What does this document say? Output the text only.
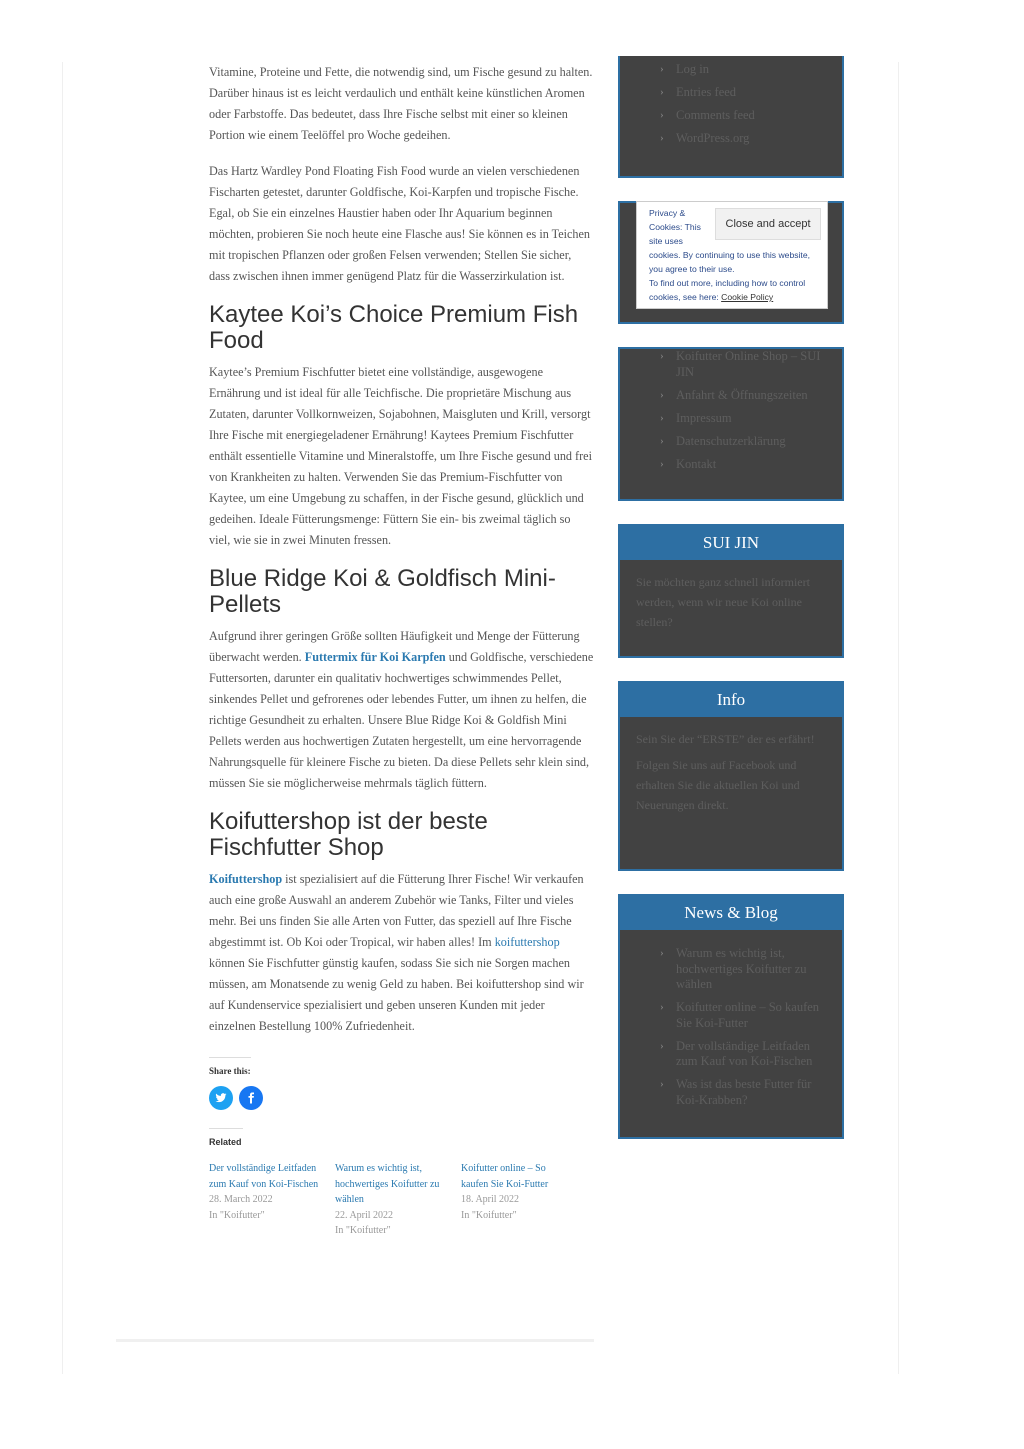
Vitamine, Proteine und Fette, die notwendig sind, um Fische gesund zu halten. Darüber hinaus ist es leicht verdaulich und enthält keine künstlichen Aromen oder Farbstoffe. Das bedeutet, dass Ihre Fische selbst mit einer so kleinen Portion wie einem Teelöffel pro Woche gedeihen.

Das Hartz Wardley Pond Floating Fish Food wurde an vielen verschiedenen Fischarten getestet, darunter Goldfische, Koi-Karpfen und tropische Fische. Egal, ob Sie ein einzelnes Haustier haben oder Ihr Aquarium beginnen möchten, probieren Sie noch heute eine Flasche aus! Sie können es in Teichen mit tropischen Pflanzen oder großen Felsen verwenden; Stellen Sie sicher, dass zwischen ihnen immer genügend Platz für die Wasserzirkulation ist.

Kaytee Koi’s Choice Premium Fish Food

Kaytee’s Premium Fischfutter bietet eine vollständige, ausgewogene Ernährung und ist ideal für alle Teichfische. Die proprietäre Mischung aus Zutaten, darunter Vollkornweizen, Sojabohnen, Maisgluten und Krill, versorgt Ihre Fische mit energiegeladener Ernährung! Kaytees Premium Fischfutter enthält essentielle Vitamine und Mineralstoffe, um Ihre Fische gesund und frei von Krankheiten zu halten. Verwenden Sie das Premium-Fischfutter von Kaytee, um eine Umgebung zu schaffen, in der Fische gesund, glücklich und gedeihen. Ideale Fütterungsmenge: Füttern Sie ein- bis zweimal täglich so viel, wie sie in zwei Minuten fressen.

Blue Ridge Koi & Goldfisch Mini-Pellets

Aufgrund ihrer geringen Größe sollten Häufigkeit und Menge der Fütterung überwacht werden. Futtermix für Koi Karpfen und Goldfische, verschiedene Futtersorten, darunter ein qualitativ hochwertiges schwimmendes Pellet, sinkendes Pellet und gefrorenes oder lebendes Futter, um ihnen zu helfen, die richtige Gesundheit zu erhalten. Unsere Blue Ridge Koi & Goldfish Mini Pellets werden aus hochwertigen Zutaten hergestellt, um eine hervorragende Nahrungsquelle für kleinere Fische zu bieten. Da diese Pellets sehr klein sind, müssen Sie sie möglicherweise mehrmals täglich füttern.

Koifuttershop ist der beste Fischfutter Shop

Koifuttershop ist spezialisiert auf die Fütterung Ihrer Fische! Wir verkaufen auch eine große Auswahl an anderem Zubehör wie Tanks, Filter und vieles mehr. Bei uns finden Sie alle Arten von Futter, das speziell auf Ihre Fische abgestimmt ist. Ob Koi oder Tropical, wir haben alles! Im koifuttershop können Sie Fischfutter günstig kaufen, sodass Sie sich nie Sorgen machen müssen, am Monatsende zu wenig Geld zu haben. Bei koifuttershop sind wir auf Kundenservice spezialisiert und geben unseren Kunden mit jeder einzelnen Bestellung 100% Zufriedenheit.

Share this:
Related
Der vollständige Leitfaden zum Kauf von Koi-Fischen
28. March 2022
In "Koifutter"
Warum es wichtig ist, hochwertiges Koifutter zu wählen
22. April 2022
In "Koifutter"
Koifutter online – So kaufen Sie Koi-Futter
18. April 2022
In "Koifutter"
› Log in
› Entries feed
› Comments feed
› WordPress.org
› Koifutter Online Shop – SUI JIN
› Anfahrt & Öffnungszeiten
› Impressum
› Datenschutzerklärung
› Kontakt
SUI JIN
Sie möchten ganz schnell informiert werden, wenn wir neue Koi online stellen?
Info
Sein Sie der “ERSTE” der es erfährt!
Folgen Sie uns auf Facebook und erhalten Sie die aktuellen Koi und Neuerungen direkt.
News & Blog
› Warum es wichtig ist, hochwertiges Koifutter zu wählen
› Koifutter online – So kaufen Sie Koi-Futter
› Der vollständige Leitfaden zum Kauf von Koi-Fischen
› Was ist das beste Futter für Koi-Krabben?
Privacy & Cookies: This site uses
cookies. By continuing to use this website, you agree to their use.
To find out more, including how to control cookies, see here: Cookie Policy
Close and accept
